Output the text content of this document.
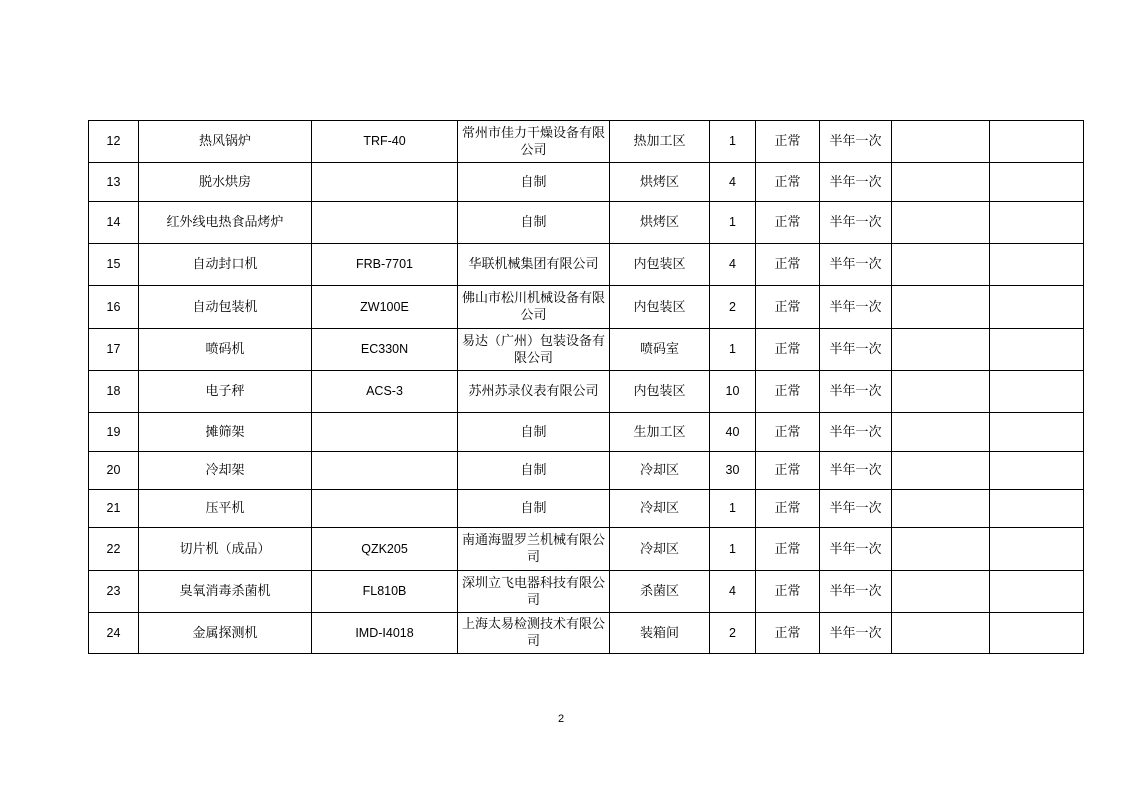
12	热风锅炉	TRF-40	常州市佳力干燥设备有限公司	热加工区	1	正常	半年一次		
13	脱水烘房		自制	烘烤区	4	正常	半年一次		
14	红外线电热食品烤炉		自制	烘烤区	1	正常	半年一次		
15	自动封口机	FRB-7701	华联机械集团有限公司	内包装区	4	正常	半年一次		
16	自动包装机	ZW100E	佛山市松川机械设备有限公司	内包装区	2	正常	半年一次		
17	喷码机	EC330N	易达（广州）包装设备有限公司	喷码室	1	正常	半年一次		
18	电子秤	ACS-3	苏州苏录仪表有限公司	内包装区	10	正常	半年一次		
19	摊筛架		自制	生加工区	40	正常	半年一次		
20	冷却架		自制	冷却区	30	正常	半年一次		
21	压平机		自制	冷却区	1	正常	半年一次		
22	切片机（成品）	QZK205	南通海盟罗兰机械有限公司	冷却区	1	正常	半年一次		
23	臭氧消毒杀菌机	FL810B	深圳立飞电器科技有限公司	杀菌区	4	正常	半年一次		
24	金属探测机	IMD-I4018	上海太易检测技术有限公司	装箱间	2	正常	半年一次		
2
